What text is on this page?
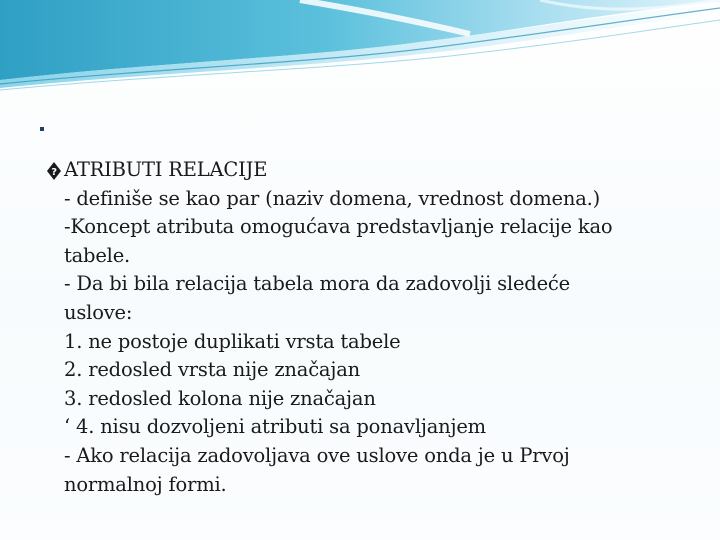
? ATRIBUTI RELACIJE
- definiše se kao par (naziv domena, vrednost domena.)
-Koncept atributa omogućava predstavljanje relacije kao
tabele.
- Da bi bila relacija tabela mora da zadovolji sledeće
uslove:
1. ne postoje duplikati vrsta tabele
2. redosled vrsta nije značajan
3. redosled kolona nije značajan
‘ 4. nisu dozvoljeni atributi sa ponavljanjem
- Ako relacija zadovoljava ove uslove onda je u Prvoj
normalnoj formi.
